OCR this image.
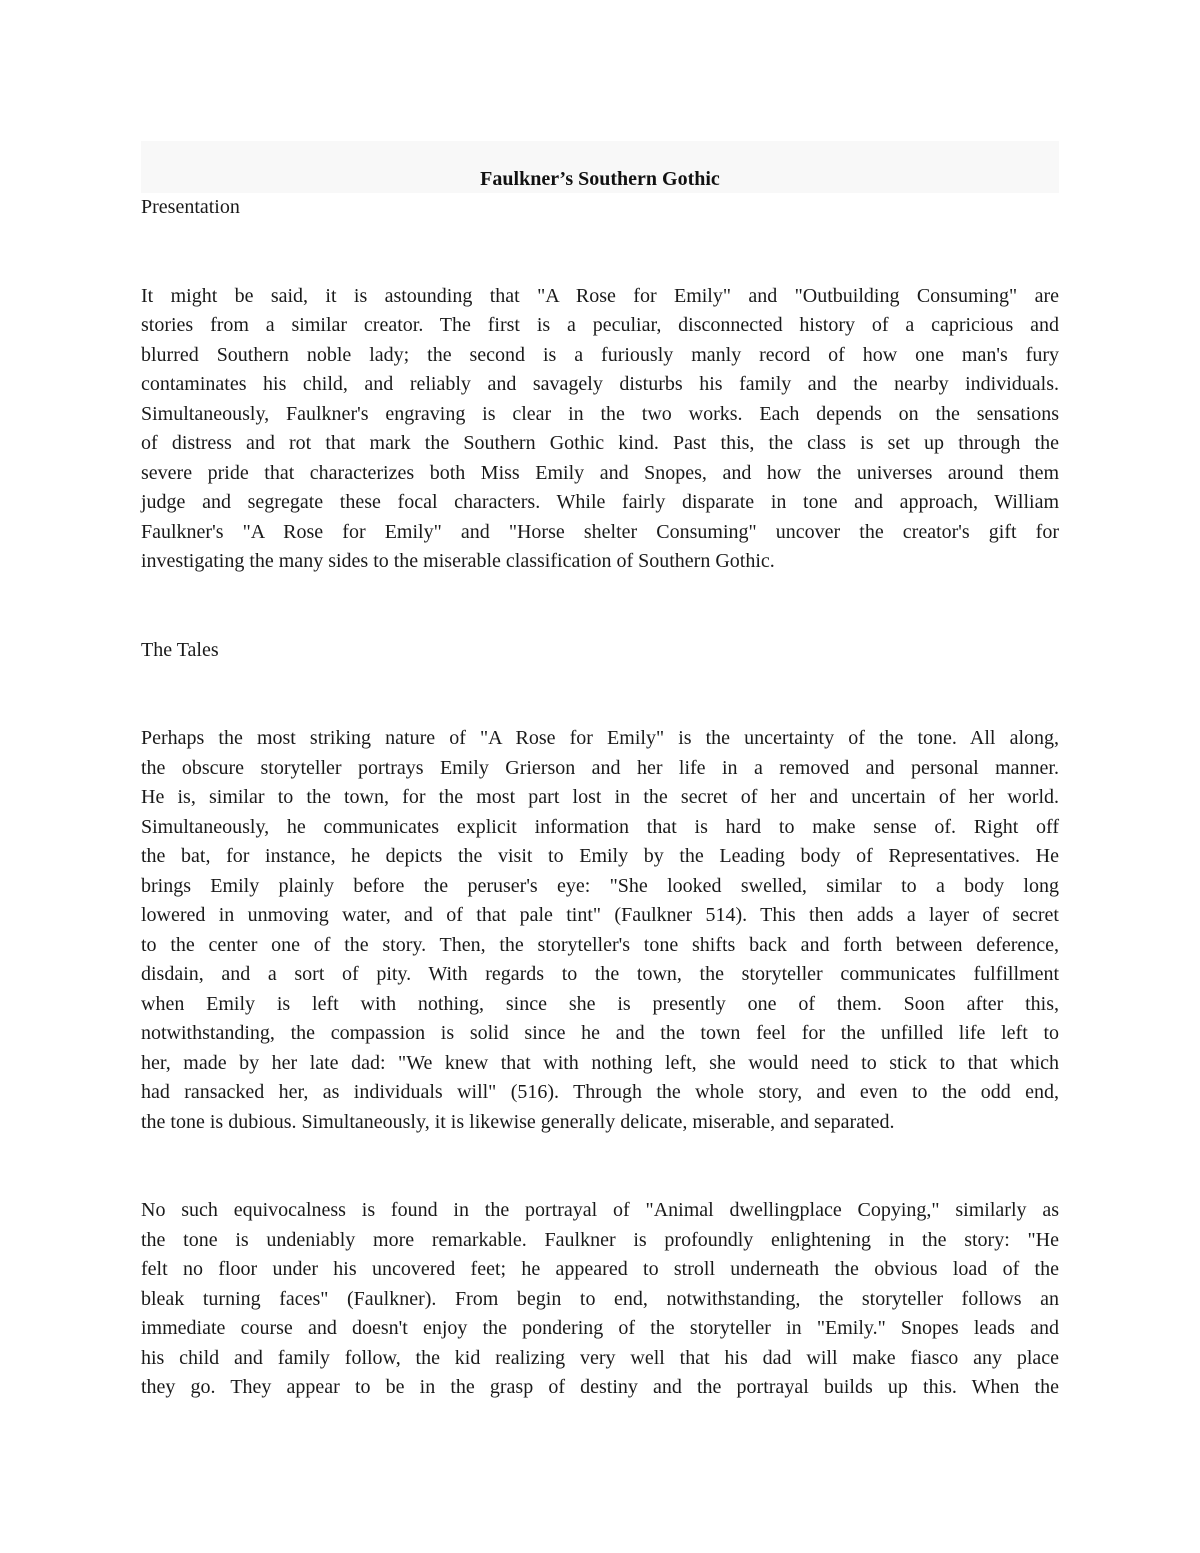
Faulkner’s Southern Gothic
Presentation

It might be said, it is astounding that "A Rose for Emily" and "Outbuilding Consuming" are
stories from a similar creator. The first is a peculiar, disconnected history of a capricious and
blurred Southern noble lady; the second is a furiously manly record of how one man's fury
contaminates his child, and reliably and savagely disturbs his family and the nearby individuals.
Simultaneously, Faulkner's engraving is clear in the two works. Each depends on the sensations
of distress and rot that mark the Southern Gothic kind. Past this, the class is set up through the
severe pride that characterizes both Miss Emily and Snopes, and how the universes around them
judge and segregate these focal characters. While fairly disparate in tone and approach, William
Faulkner's "A Rose for Emily" and "Horse shelter Consuming" uncover the creator's gift for
investigating the many sides to the miserable classification of Southern Gothic.

The Tales

Perhaps the most striking nature of "A Rose for Emily" is the uncertainty of the tone. All along,
the obscure storyteller portrays Emily Grierson and her life in a removed and personal manner.
He is, similar to the town, for the most part lost in the secret of her and uncertain of her world.
Simultaneously, he communicates explicit information that is hard to make sense of. Right off
the bat, for instance, he depicts the visit to Emily by the Leading body of Representatives. He
brings Emily plainly before the peruser's eye: "She looked swelled, similar to a body long
lowered in unmoving water, and of that pale tint" (Faulkner 514). This then adds a layer of secret
to the center one of the story. Then, the storyteller's tone shifts back and forth between deference,
disdain, and a sort of pity. With regards to the town, the storyteller communicates fulfillment
when Emily is left with nothing, since she is presently one of them. Soon after this,
notwithstanding, the compassion is solid since he and the town feel for the unfilled life left to
her, made by her late dad: "We knew that with nothing left, she would need to stick to that which
had ransacked her, as individuals will" (516). Through the whole story, and even to the odd end,
the tone is dubious. Simultaneously, it is likewise generally delicate, miserable, and separated.

No such equivocalness is found in the portrayal of "Animal dwellingplace Copying," similarly as
the tone is undeniably more remarkable. Faulkner is profoundly enlightening in the story: "He
felt no floor under his uncovered feet; he appeared to stroll underneath the obvious load of the
bleak turning faces" (Faulkner). From begin to end, notwithstanding, the storyteller follows an
immediate course and doesn't enjoy the pondering of the storyteller in "Emily." Snopes leads and
his child and family follow, the kid realizing very well that his dad will make fiasco any place
they go. They appear to be in the grasp of destiny and the portrayal builds up this. When the
